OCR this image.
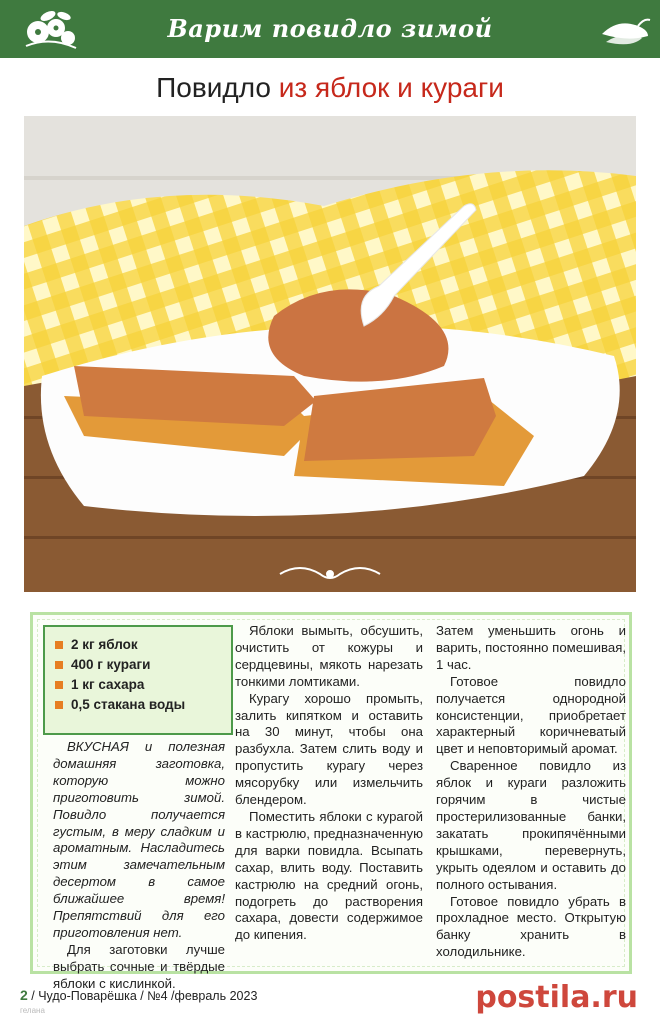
Варим повидло зимой
Повидло из яблок и кураги
2 кг яблок
400 г кураги
1 кг сахара
0,5 стакана воды

ВКУСНАЯ и полезная домашняя заготовка, которую можно приготовить зимой. Повидло получается густым, в меру сладким и ароматным. Насладитесь этим замечательным десертом в самое ближайшее время! Препятствий для его приготовления нет.

Для заготовки лучше выбрать сочные и твёрдые яблоки с кислинкой.

Яблоки вымыть, обсушить, очистить от кожуры и сердцевины, мякоть нарезать тонкими ломтиками.

Курагу хорошо промыть, залить кипятком и оставить на 30 минут, чтобы она разбухла. Затем слить воду и пропустить курагу через мясорубку или измельчить блендером.

Поместить яблоки с курагой в кастрюлю, предназначенную для варки повидла. Всыпать сахар, влить воду. Поставить кастрюлю на средний огонь, подогреть до растворения сахара, довести содержимое до кипения.

Затем уменьшить огонь и варить, постоянно помешивая, 1 час.

Готовое повидло получается однородной консистенции, приобретает характерный коричневатый цвет и неповторимый аромат.

Сваренное повидло из яблок и кураги разложить горячим в чистые простерилизованные банки, закатать прокипячёнными крышками, перевернуть, укрыть одеялом и оставить до полного остывания.

Готовое повидло убрать в прохладное место. Открытую банку хранить в холодильнике.

2 / Чудо-Поварёшка / №4 /февраль 2023
гелана	postila.ru
